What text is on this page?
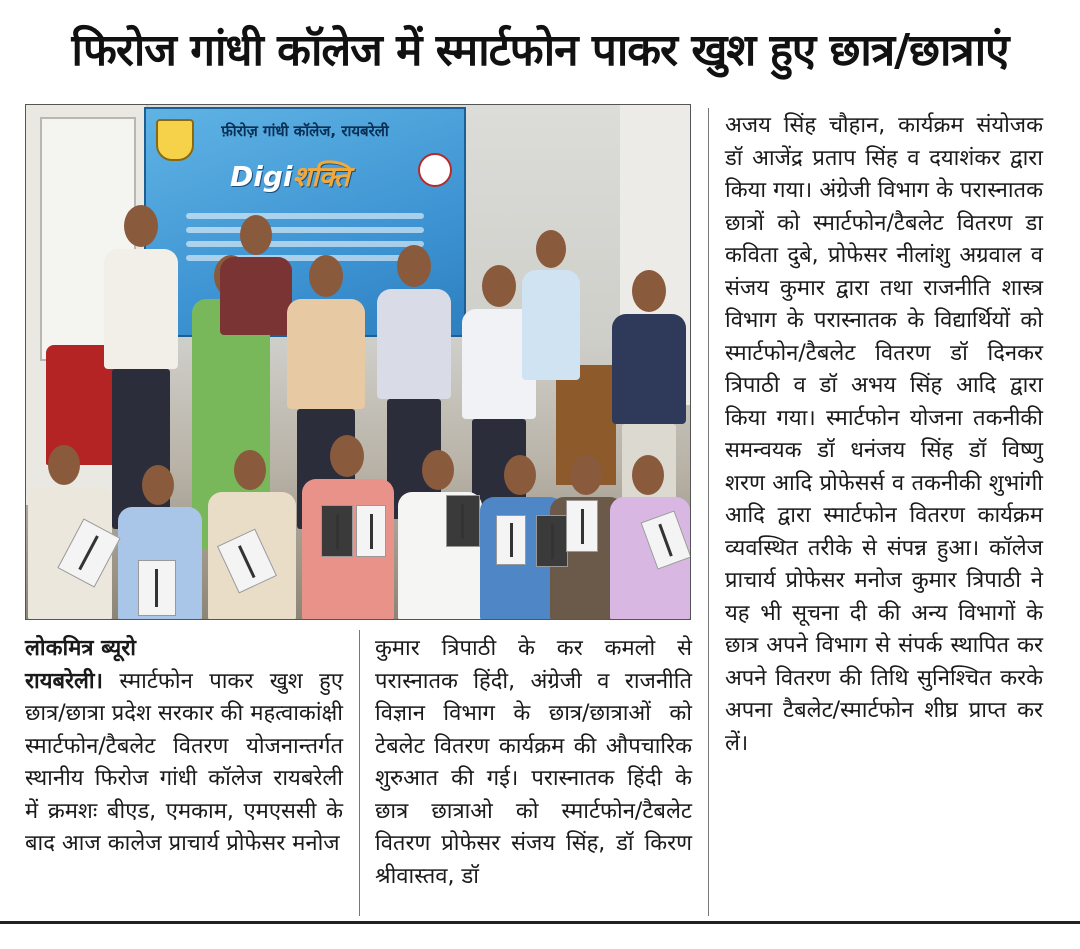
फिरोज गांधी कॉलेज में स्मार्टफोन पाकर खुश हुए छात्र/छात्राएं
फ़ीरोज़ गांधी कॉलेज, रायबरेली
Digiशक्ति

लोकमित्र ब्यूरो

रायबरेली। स्मार्टफोन पाकर खुश हुए छात्र/छात्रा प्रदेश सरकार की महत्वाकांक्षी स्मार्टफोन/टैबलेट वितरण योजनान्तर्गत स्थानीय फिरोज गांधी कॉलेज रायबरेली में क्रमशः बीएड, एमकाम, एमएससी के बाद आज कालेज प्राचार्य प्रोफेसर मनोज

कुमार त्रिपाठी के कर कमलो से परास्नातक हिंदी, अंग्रेजी व राजनीति विज्ञान विभाग के छात्र/छात्राओं को टेबलेट वितरण कार्यक्रम की औपचारिक शुरुआत की गई। परास्नातक हिंदी के छात्र छात्राओ को स्मार्टफोन/टैबलेट वितरण प्रोफेसर संजय सिंह, डॉ किरण श्रीवास्तव, डॉ

अजय सिंह चौहान, कार्यक्रम संयोजक डॉ आजेंद्र प्रताप सिंह व दयाशंकर द्वारा किया गया। अंग्रेजी विभाग के परास्नातक छात्रों को स्मार्टफोन/टैबलेट वितरण डा कविता दुबे, प्रोफेसर नीलांशु अग्रवाल व संजय कुमार द्वारा तथा राजनीति शास्त्र विभाग के परास्नातक के विद्यार्थियों को स्मार्टफोन/टैबलेट वितरण डॉ दिनकर त्रिपाठी व डॉ अभय सिंह आदि द्वारा किया गया। स्मार्टफोन योजना तकनीकी समन्वयक डॉ धनंजय सिंह डॉ विष्णु शरण आदि प्रोफेसर्स व तकनीकी शुभांगी आदि द्वारा स्मार्टफोन वितरण कार्यक्रम व्यवस्थित तरीके से संपन्न हुआ। कॉलेज प्राचार्य प्रोफेसर मनोज कुमार त्रिपाठी ने यह भी सूचना दी की अन्य विभागों के छात्र अपने विभाग से संपर्क स्थापित कर अपने वितरण की तिथि सुनिश्चित करके अपना टैबलेट/स्मार्टफोन शीघ्र प्राप्त कर लें।
